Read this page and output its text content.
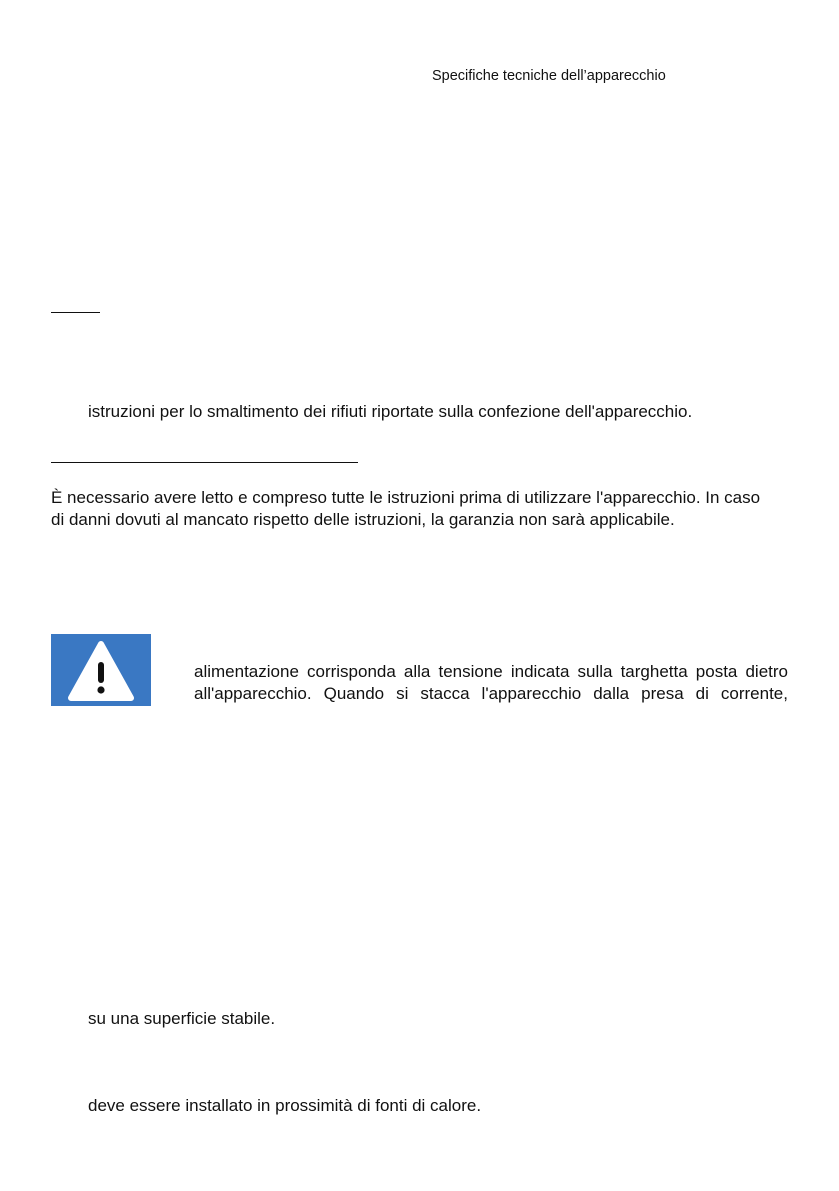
Specifiche tecniche dell’apparecchio
istruzioni per lo smaltimento dei rifiuti riportate sulla confezione dell'apparecchio.
È necessario avere letto e compreso tutte le istruzioni prima di utilizzare l'apparecchio. In caso
di danni dovuti al mancato rispetto delle istruzioni, la garanzia non sarà applicabile.
alimentazione corrisponda alla tensione indicata sulla targhetta posta dietro
all'apparecchio. Quando si stacca l'apparecchio dalla presa di corrente,
su una superficie stabile.
deve essere installato in prossimità di fonti di calore.
